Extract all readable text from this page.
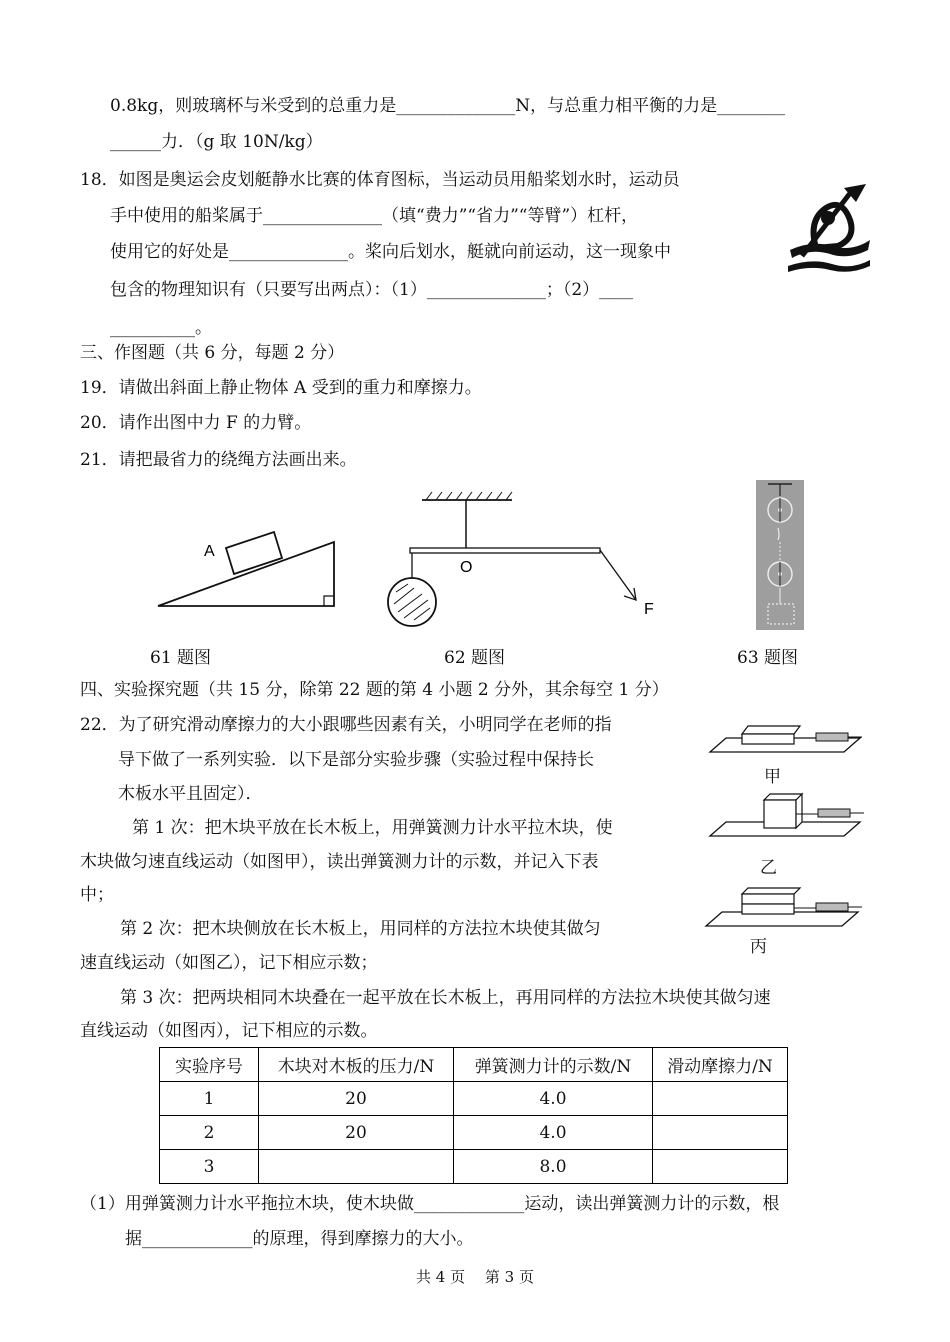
0.8kg，则玻璃杯与米受到的总重力是______________N，与总重力相平衡的力是________
______力．（g 取 10N/kg）
18．如图是奥运会皮划艇静水比赛的体育图标，当运动员用船桨划水时，运动员
手中使用的船桨属于______________（填“费力”“省力”“等臂”）杠杆，
使用它的好处是______________。桨向后划水，艇就向前运动，这一现象中
包含的物理知识有（只要写出两点）：（1）______________；（2）____
__________。
三、作图题（共 6 分，每题 2 分）
19．请做出斜面上静止物体 A 受到的重力和摩擦力。
20．请作出图中力 F 的力臂。
21．请把最省力的绕绳方法画出来。
A
61 题图
O
F
62 题图	63 题图
四、实验探究题（共 15 分，除第 22 题的第 4 小题 2 分外，其余每空 1 分）
22．为了研究滑动摩擦力的大小跟哪些因素有关，小明同学在老师的指
导下做了一系列实验．以下是部分实验步骤（实验过程中保持长
木板水平且固定）．
第 1 次：把木块平放在长木板上，用弹簧测力计水平拉木块，使
木块做匀速直线运动（如图甲），读出弹簧测力计的示数，并记入下表
中；
第 2 次：把木块侧放在长木板上，用同样的方法拉木块使其做匀
速直线运动（如图乙），记下相应示数；
第 3 次：把两块相同木块叠在一起平放在长木板上，再用同样的方法拉木块使其做匀速
直线运动（如图丙），记下相应的示数。
甲
乙
丙
实验序号	木块对木板的压力/N	弹簧测力计的示数/N	滑动摩擦力/N
1	20	4.0	
2	20	4.0	
3		8.0	
（1）用弹簧测力计水平拖拉木块，使木块做_____________运动，读出弹簧测力计的示数，根
据_____________的原理，得到摩擦力的大小。
共 4 页　 第 3 页
